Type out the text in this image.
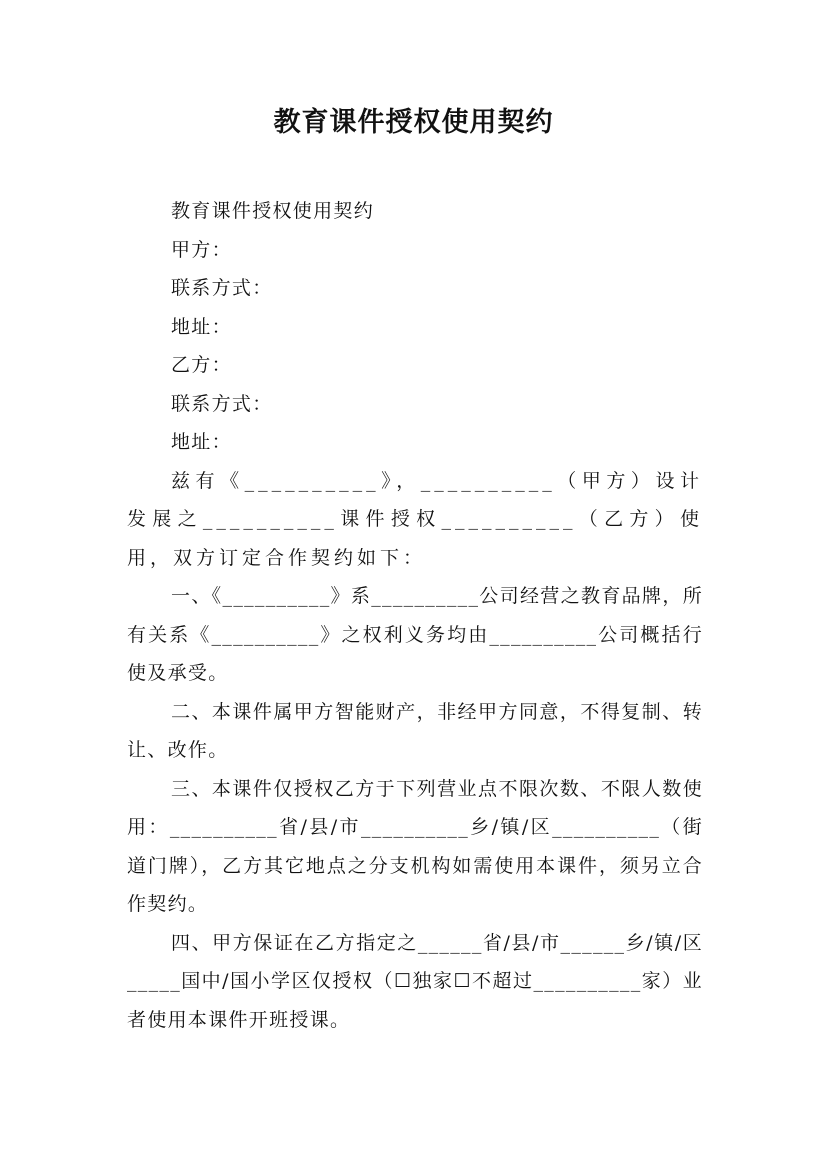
教育课件授权使用契约
教育课件授权使用契约
甲方：
联系方式：
地址：
乙方：
联系方式：
地址：

兹有《__________》，__________（甲方）设计发展之__________课件授权__________（乙方）使用，双方订定合作契约如下：

一、《__________》系__________公司经营之教育品牌，所有关系《__________》之权利义务均由__________公司概括行使及承受。

二、本课件属甲方智能财产，非经甲方同意，不得复制、转让、改作。

三、本课件仅授权乙方于下列营业点不限次数、不限人数使用：__________省/县/市__________乡/镇/区__________（街道门牌），乙方其它地点之分支机构如需使用本课件，须另立合作契约。

四、甲方保证在乙方指定之______省/县/市______乡/镇/区_____国中/国小学区仅授权（☐独家☐不超过__________家）业者使用本课件开班授课。
